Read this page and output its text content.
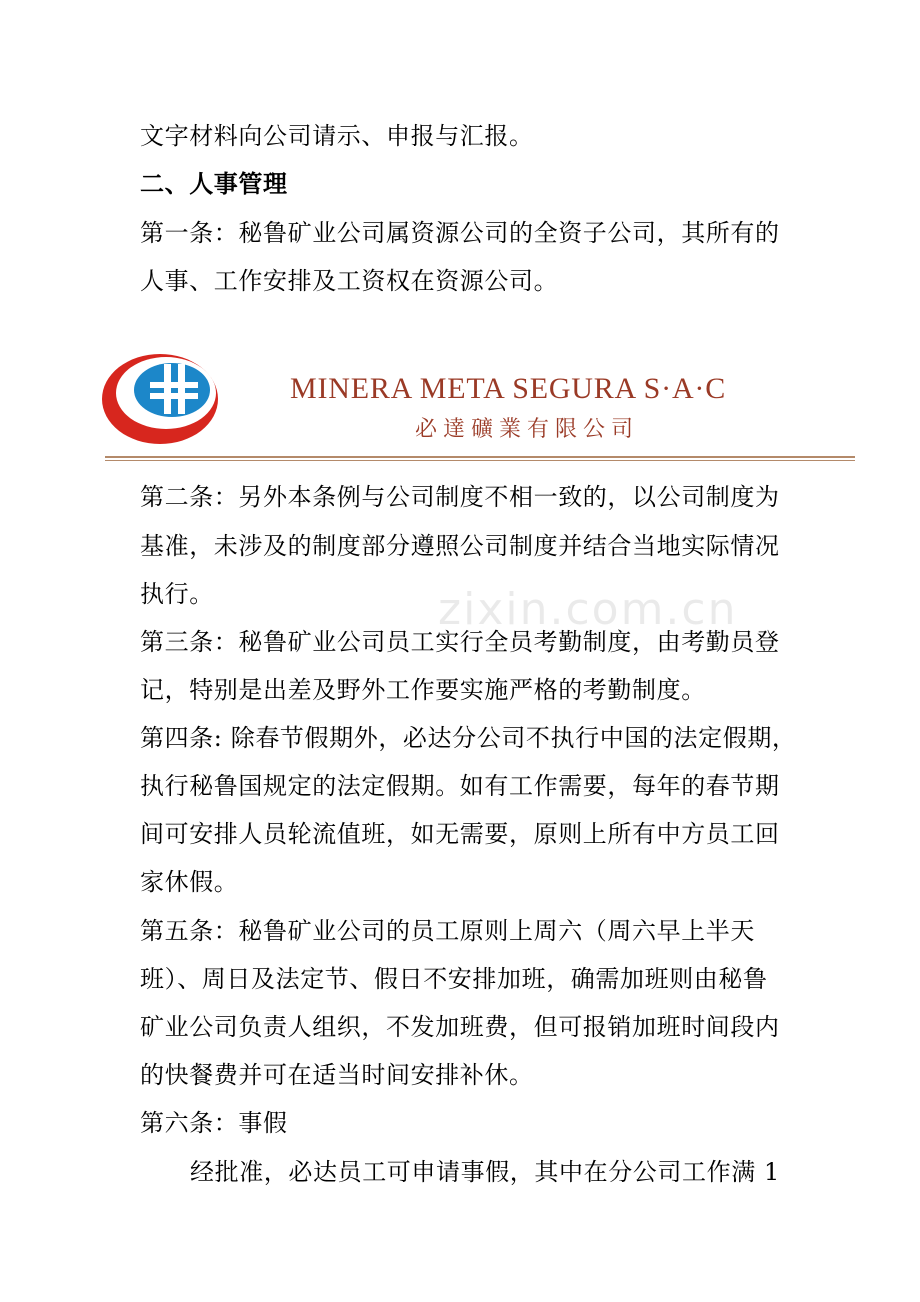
文字材料向公司请示、申报与汇报。
二、人事管理
第一条：秘鲁矿业公司属资源公司的全资子公司，其所有的
人事、工作安排及工资权在资源公司。
MINERA META SEGURA S·A·C
必達礦業有限公司
zixin.com.cn
第二条：另外本条例与公司制度不相一致的，以公司制度为
基准，未涉及的制度部分遵照公司制度并结合当地实际情况
执行。
第三条：秘鲁矿业公司员工实行全员考勤制度，由考勤员登
记，特别是出差及野外工作要实施严格的考勤制度。
第四条: 除春节假期外，必达分公司不执行中国的法定假期，
执行秘鲁国规定的法定假期。如有工作需要，每年的春节期
间可安排人员轮流值班，如无需要，原则上所有中方员工回
家休假。
第五条：秘鲁矿业公司的员工原则上周六（周六早上半天
班）、周日及法定节、假日不安排加班，确需加班则由秘鲁
矿业公司负责人组织，不发加班费，但可报销加班时间段内
的快餐费并可在适当时间安排补休。
第六条：事假
经批准，必达员工可申请事假，其中在分公司工作满 1
